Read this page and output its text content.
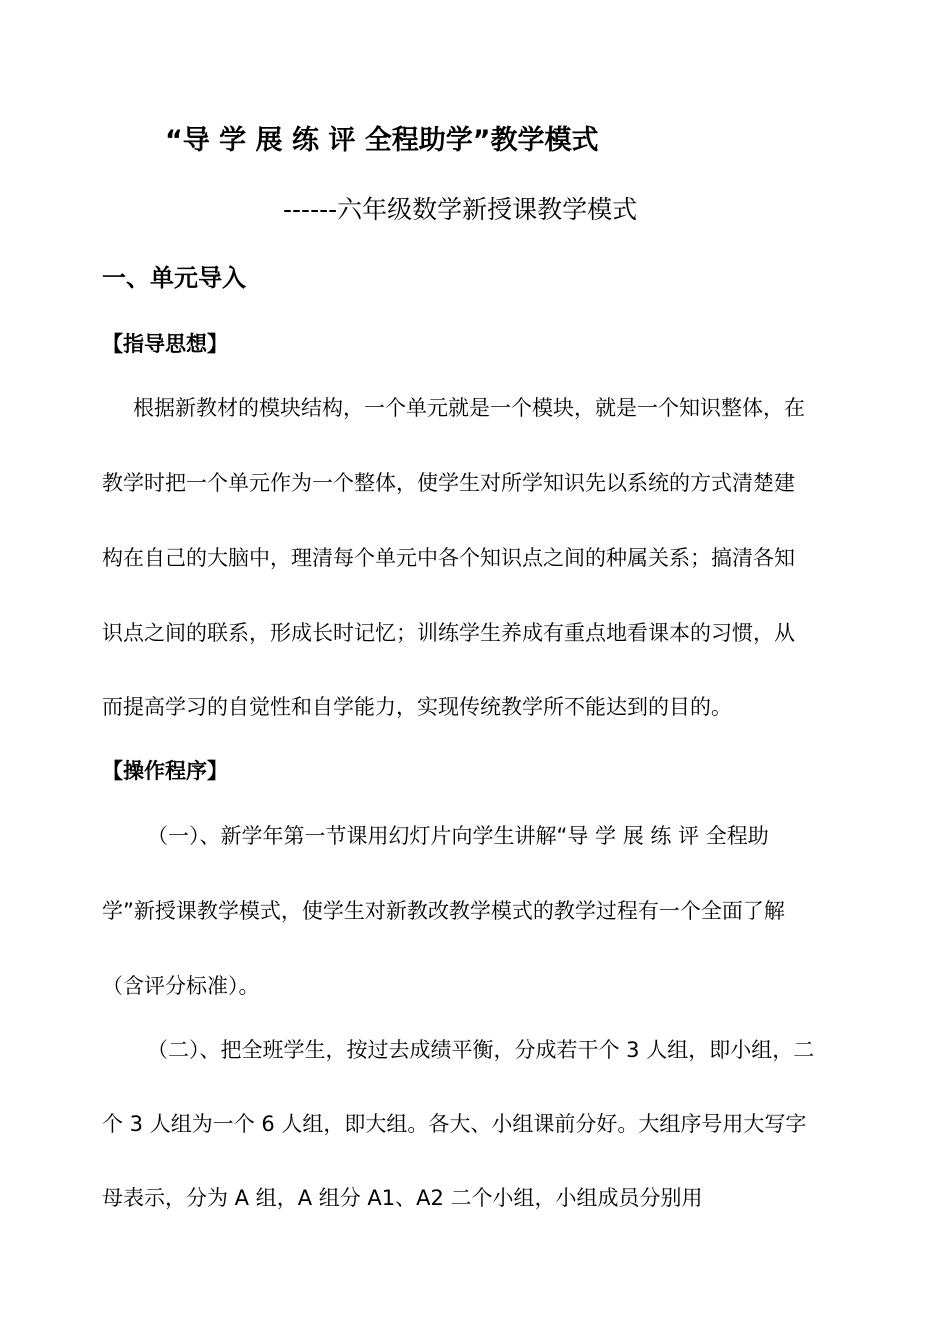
“导 学 展 练 评 全程助学”教学模式
------六年级数学新授课教学模式
一、单元导入
【指导思想】
根据新教材的模块结构，一个单元就是一个模块，就是一个知识整体，在
教学时把一个单元作为一个整体，使学生对所学知识先以系统的方式清楚建
构在自己的大脑中，理清每个单元中各个知识点之间的种属关系；搞清各知
识点之间的联系，形成长时记忆；训练学生养成有重点地看课本的习惯，从
而提高学习的自觉性和自学能力，实现传统教学所不能达到的目的。
【操作程序】
（一）、新学年第一节课用幻灯片向学生讲解“导 学 展 练 评 全程助
学”新授课教学模式，使学生对新教改教学模式的教学过程有一个全面了解
（含评分标准）。
（二）、把全班学生，按过去成绩平衡，分成若干个 3 人组，即小组，二
个 3 人组为一个 6 人组，即大组。各大、小组课前分好。大组序号用大写字
母表示，分为 A 组，A 组分 A1、A2 二个小组，小组成员分别用
